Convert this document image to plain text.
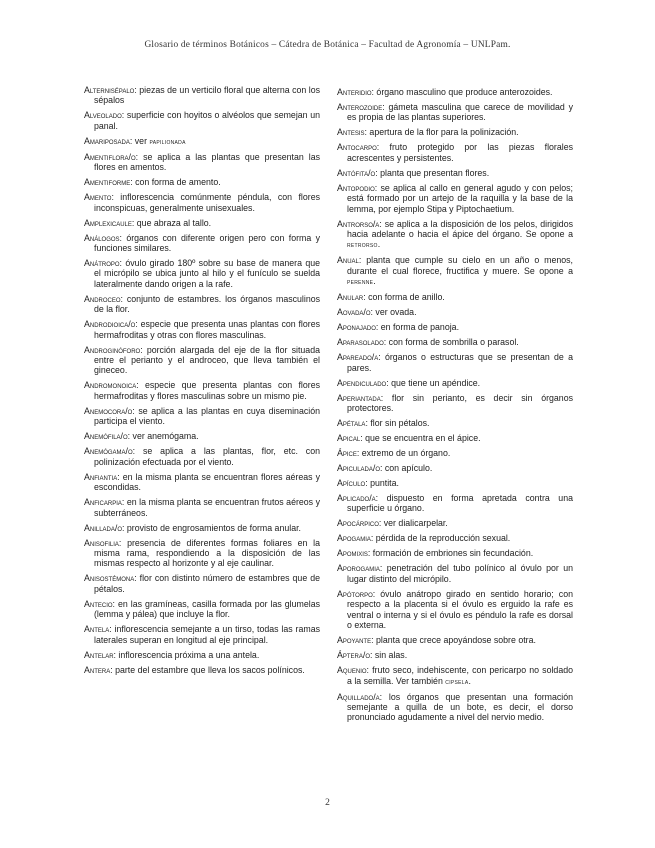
Glosario de términos Botánicos – Cátedra de Botánica – Facultad de Agronomía – UNLPam.
Alternisépalo: piezas de un verticilo floral que alterna con los sépalos
Alveolado: superficie con hoyitos o alvéolos que semejan un panal.
Amariposada: ver papilionada
Amentiflora/o: se aplica a las plantas que presentan las flores en amentos.
Amentiforme: con forma de amento.
Amento: inflorescencia comúnmente péndula, con flores inconspicuas, generalmente unisexuales.
Amplexicaule: que abraza al tallo.
Análogos: órganos con diferente origen pero con forma y funciones similares.
Anátropo: óvulo girado 180º sobre su base de manera que el micrópilo se ubica junto al hilo y el funículo se suelda lateralmente dando origen a la rafe.
Androceo: conjunto de estambres. los órganos masculinos de la flor.
Androdioica/o: especie que presenta unas plantas con flores hermafroditas y otras con flores masculinas.
Androginóforo: porción alargada del eje de la flor situada entre el perianto y el androceo, que lleva también el gineceo.
Andromonoica: especie que presenta plantas con flores hermafroditas y flores masculinas sobre un mismo pie.
Anemocora/o: se aplica a las plantas en cuya diseminación participa el viento.
Anemófila/o: ver anemógama.
Anemógama/o: se aplica a las plantas, flor, etc. con polinización efectuada por el viento.
Anfiantia: en la misma planta se encuentran flores aéreas y escondidas.
Anficarpia: en la misma planta se encuentran frutos aéreos y subterráneos.
Anillada/o: provisto de engrosamientos de forma anular.
Anisofilia: presencia de diferentes formas foliares en la misma rama, respondiendo a la disposición de las mismas respecto al horizonte y al eje caulinar.
Anisostémona: flor con distinto número de estambres que de pétalos.
Antecio: en las gramíneas, casilla formada por las glumelas (lemma y pálea) que incluye la flor.
Antela: inflorescencia semejante a un tirso, todas las ramas laterales superan en longitud al eje principal.
Antelar: inflorescencia próxima a una antela.
Antera: parte del estambre que lleva los sacos polínicos.
Anteridio: órgano masculino que produce anterozoides.
Anterozoide: gámeta masculina que carece de movilidad y es propia de las plantas superiores.
Antesis: apertura de la flor para la polinización.
Antocarpo: fruto protegido por las piezas florales acrescentes y persistentes.
Antófita/o: planta que presentan flores.
Antopodio: se aplica al callo en general agudo y con pelos; está formado por un artejo de la raquilla y la base de la lemma, por ejemplo Stipa y Piptochaetium.
Antrorso/a: se aplica a la disposición de los pelos, dirigidos hacia adelante o hacia el ápice del órgano. Se opone a retrorso.
Anual: planta que cumple su cielo en un año o menos, durante el cual florece, fructifica y muere. Se opone a perenne.
Anular: con forma de anillo.
Aovada/o: ver ovada.
Aponajado: en forma de panoja.
Aparasolado: con forma de sombrilla o parasol.
Apareado/a: órganos o estructuras que se presentan de a pares.
Apendiculado: que tiene un apéndice.
Aperiantada: flor sin perianto, es decir sin órganos protectores.
Apétala: flor sin pétalos.
Apical: que se encuentra en el ápice.
Ápice: extremo de un órgano.
Apiculada/o: con apículo.
Apículo: puntita.
Aplicado/a: dispuesto en forma apretada contra una superficie u órgano.
Apocárpico: ver dialicarpelar.
Apogamia: pérdida de la reproducción sexual.
Apomixis: formación de embriones sin fecundación.
Aporogamia: penetración del tubo polínico al óvulo por un lugar distinto del micrópilo.
Apótorpo: óvulo anátropo girado en sentido horario; con respecto a la placenta si el óvulo es erguido la rafe es ventral o interna y si el óvulo es péndulo la rafe es dorsal o externa.
Apoyante: planta que crece apoyándose sobre otra.
Áptera/o: sin alas.
Aquenio: fruto seco, indehiscente, con pericarpo no soldado a la semilla. Ver también cipsela.
Aquillado/a: los órganos que presentan una formación semejante a quilla de un bote, es decir, el dorso pronunciado agudamente a nivel del nervio medio.
2
